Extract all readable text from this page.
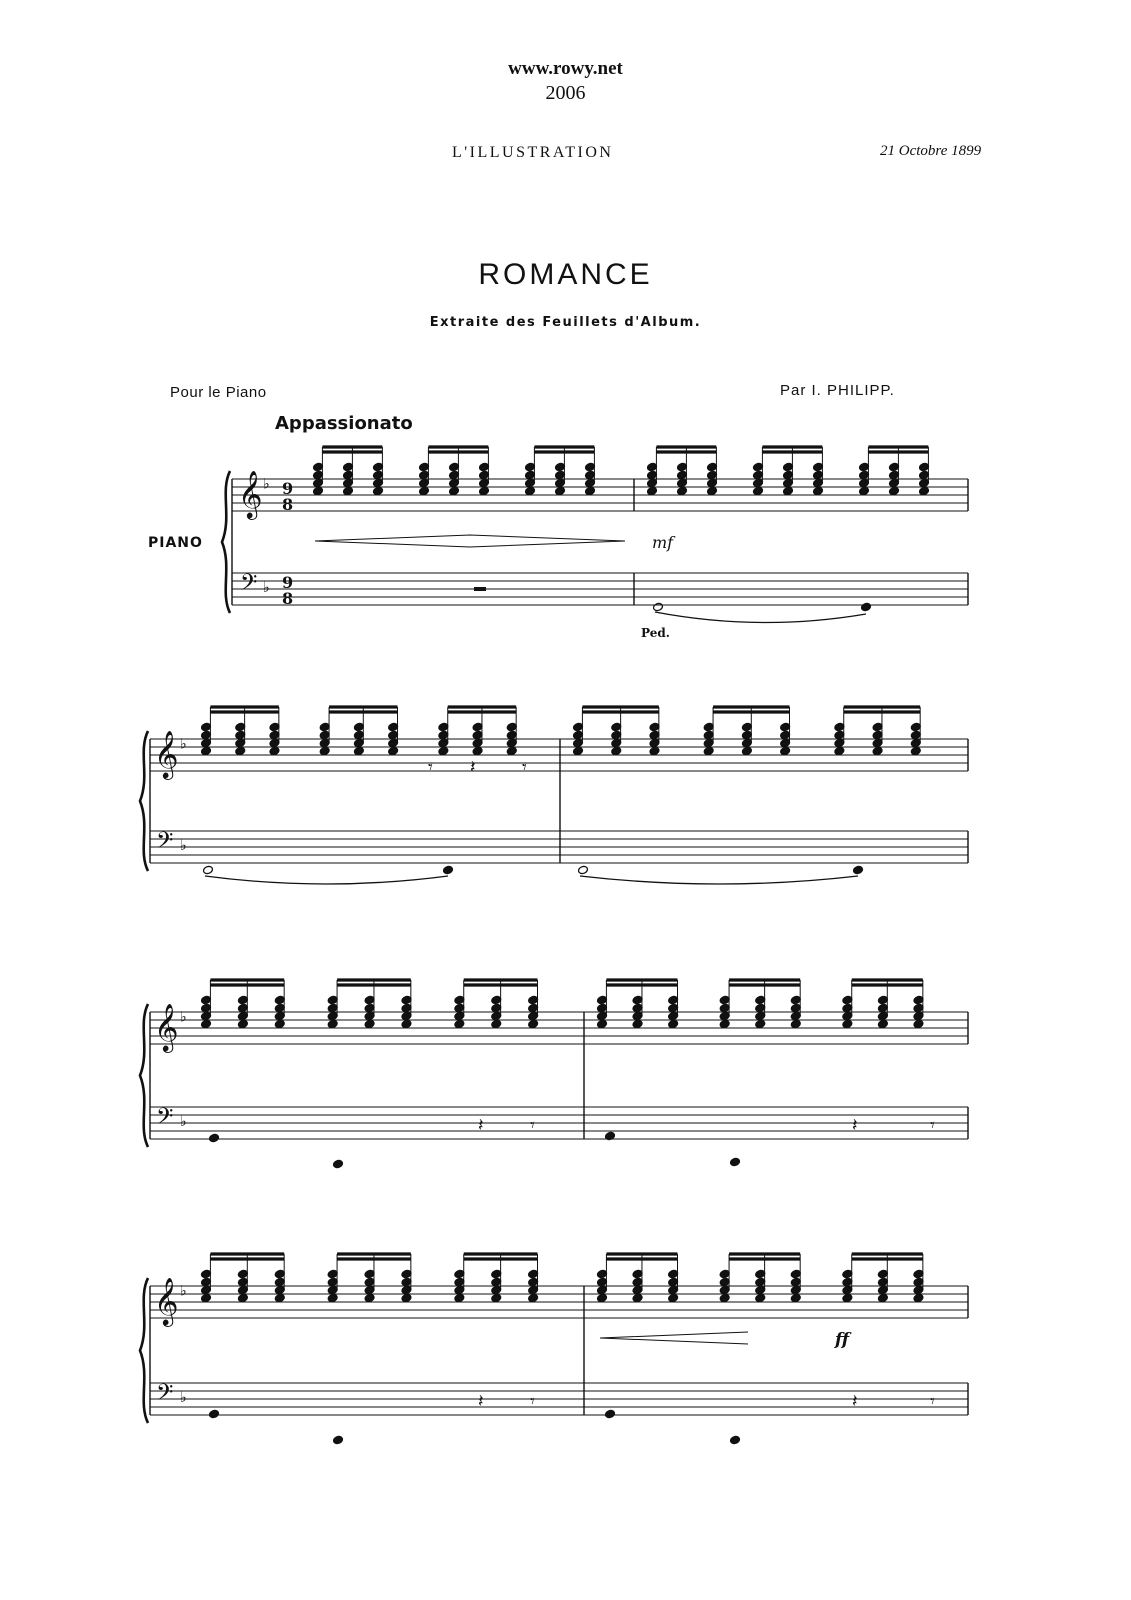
www.rowy.net
2006
L'ILLUSTRATION	21 Octobre 1899
ROMANCE
Extraite des Feuillets d'Album.
Pour le Piano	Par I. PHILIPP.
Appassionato
PIANO
𝄞
𝄢
♭
♭
9
8
9
8
mf
Ped.
𝄞
𝄢
♭
♭
𝄾 𝄽	𝄾
𝄞
𝄢
♭
♭	𝄽	𝄾	𝄽	𝄾
𝄞
𝄢
♭
♭
ff
𝄽	𝄾
𝄽	𝄾
